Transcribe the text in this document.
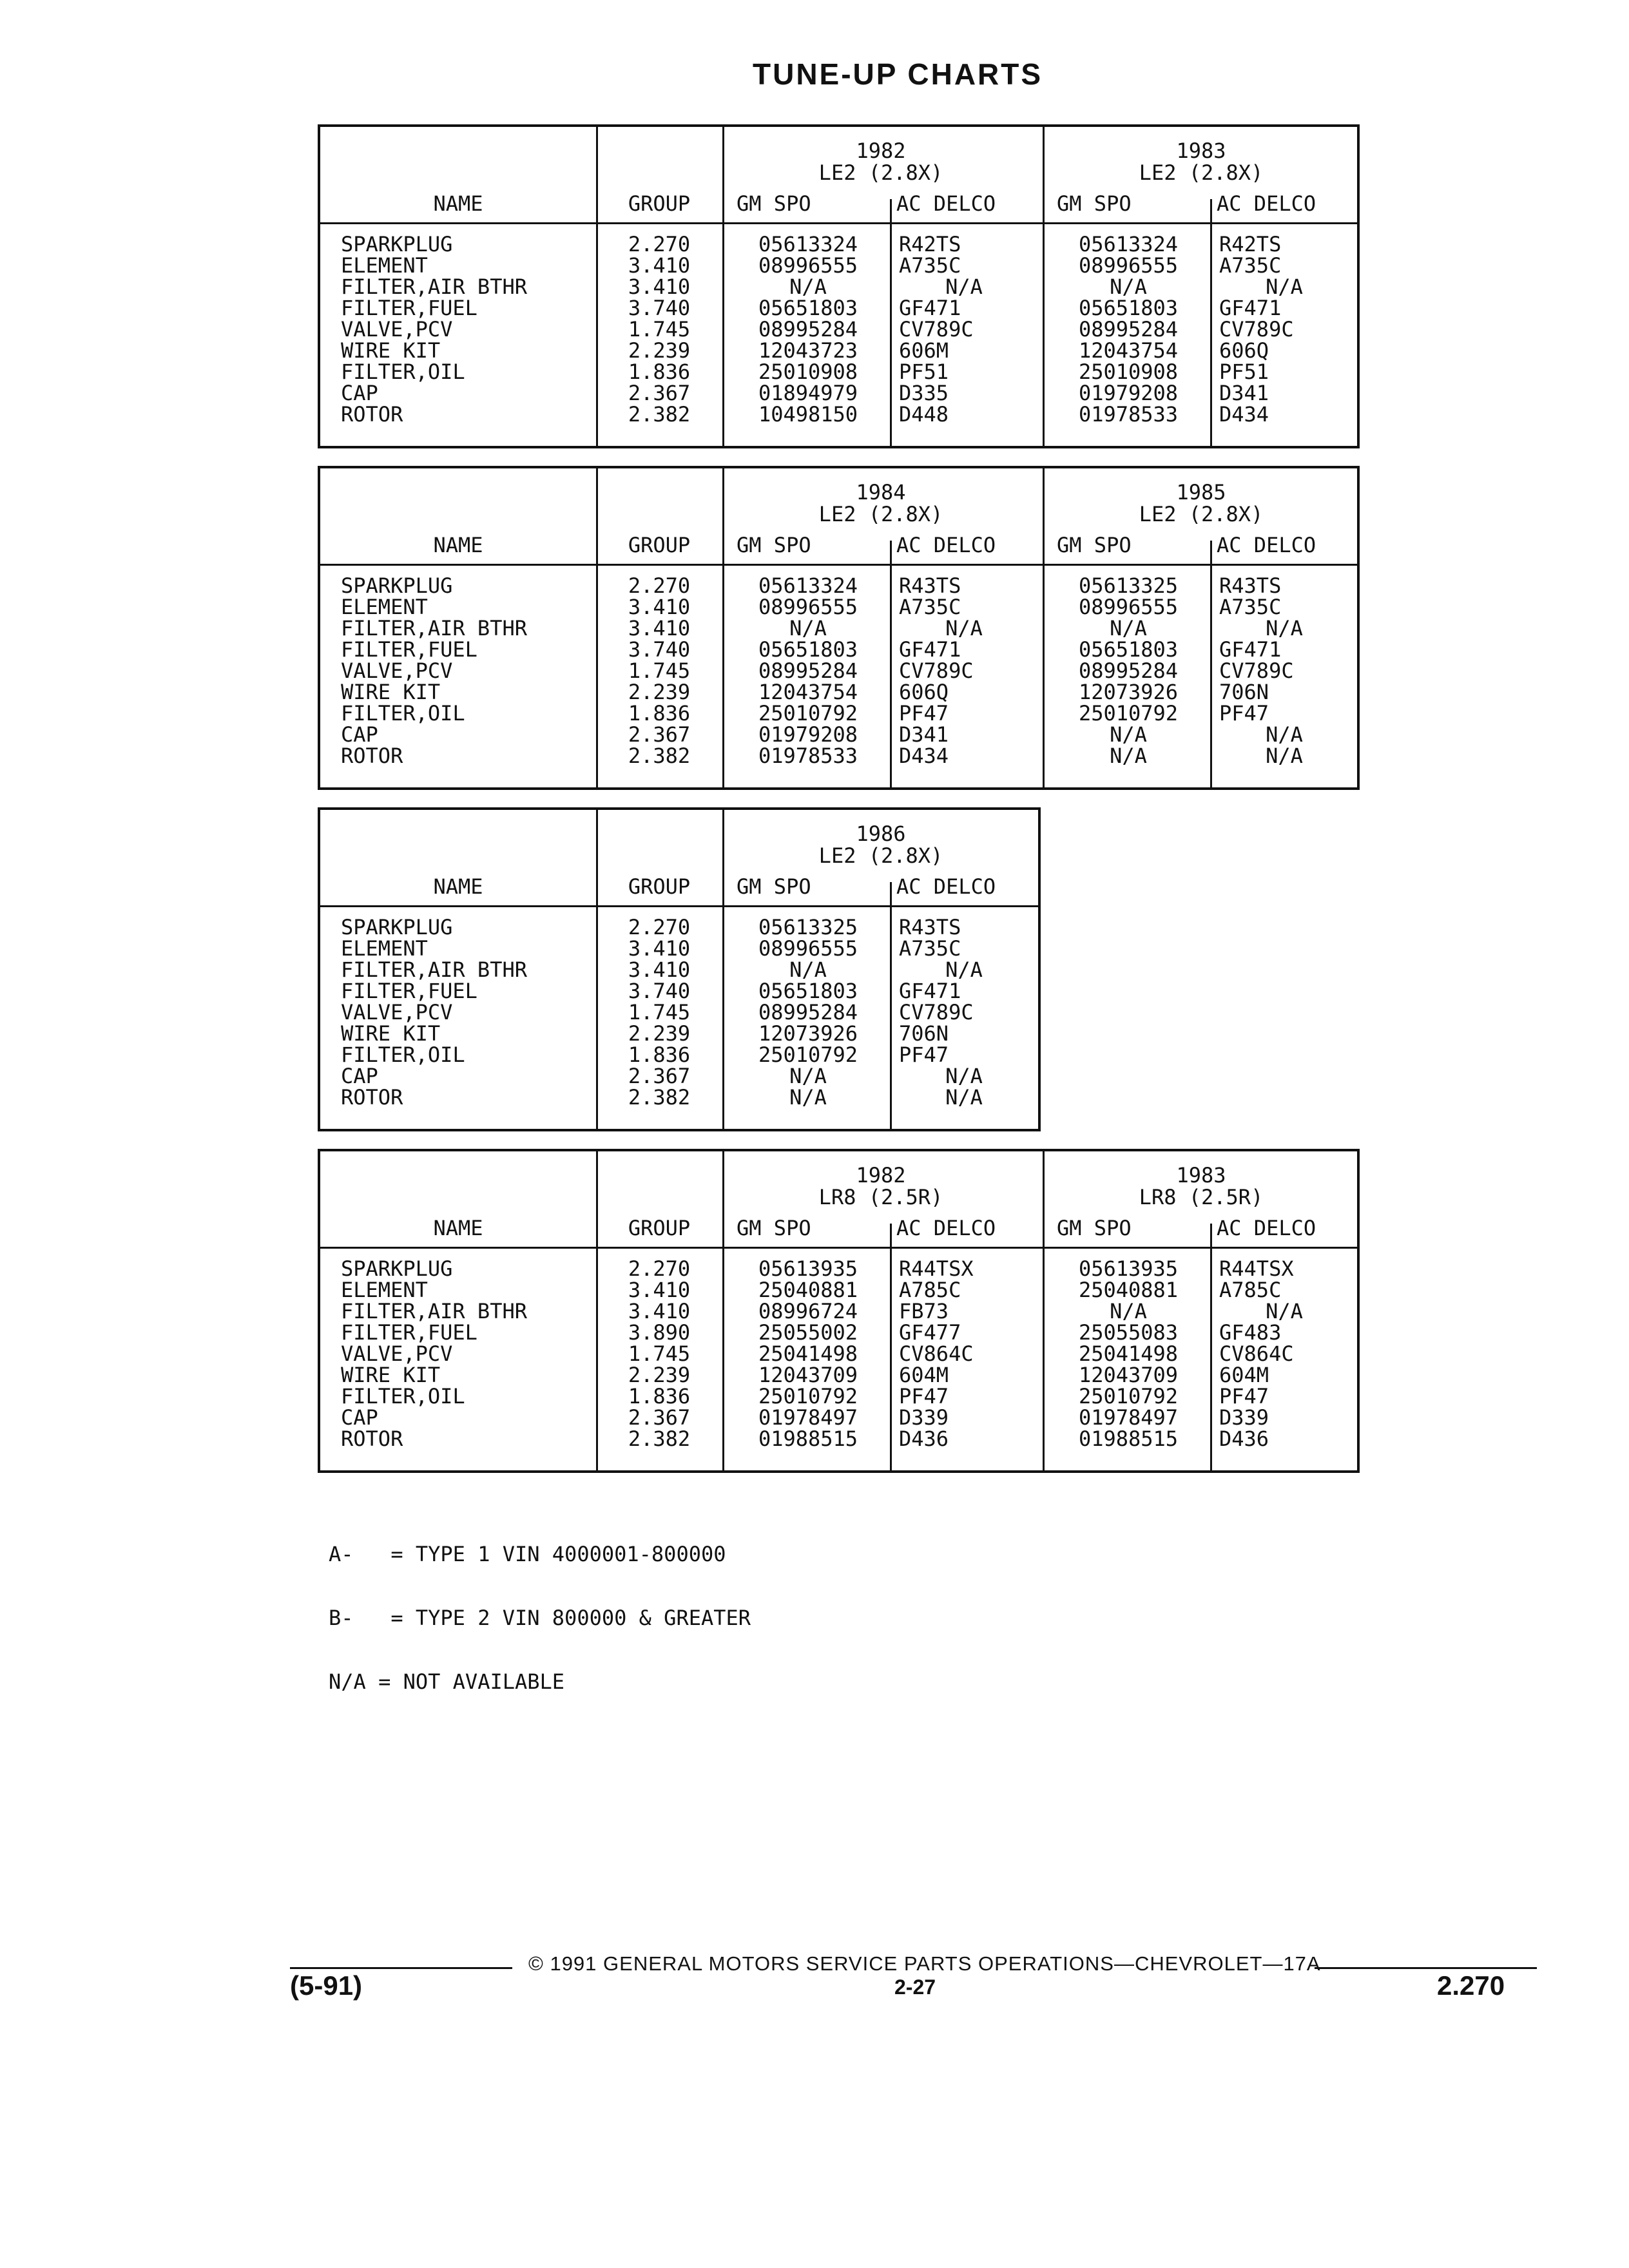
TUNE-UP CHARTS
NAME	GROUP
1982
LE2 (2.8X)
GM SPO	AC DELCO
1983
LE2 (2.8X)
GM SPO	AC DELCO
SPARKPLUG	2.270	05613324	R42TS	05613324	R42TS
ELEMENT	3.410	08996555	A735C	08996555	A735C
FILTER,AIR BTHR	3.410	N/A	N/A	N/A	N/A
FILTER,FUEL	3.740	05651803	GF471	05651803	GF471
VALVE,PCV	1.745	08995284	CV789C	08995284	CV789C
WIRE KIT	2.239	12043723	606M	12043754	606Q
FILTER,OIL	1.836	25010908	PF51	25010908	PF51
CAP	2.367	01894979	D335	01979208	D341
ROTOR	2.382	10498150	D448	01978533	D434
NAME	GROUP
1984
LE2 (2.8X)
GM SPO	AC DELCO
1985
LE2 (2.8X)
GM SPO	AC DELCO
SPARKPLUG	2.270	05613324	R43TS	05613325	R43TS
ELEMENT	3.410	08996555	A735C	08996555	A735C
FILTER,AIR BTHR	3.410	N/A	N/A	N/A	N/A
FILTER,FUEL	3.740	05651803	GF471	05651803	GF471
VALVE,PCV	1.745	08995284	CV789C	08995284	CV789C
WIRE KIT	2.239	12043754	606Q	12073926	706N
FILTER,OIL	1.836	25010792	PF47	25010792	PF47
CAP	2.367	01979208	D341	N/A	N/A
ROTOR	2.382	01978533	D434	N/A	N/A
NAME	GROUP
1986
LE2 (2.8X)
GM SPO	AC DELCO
SPARKPLUG	2.270	05613325	R43TS
ELEMENT	3.410	08996555	A735C
FILTER,AIR BTHR	3.410	N/A	N/A
FILTER,FUEL	3.740	05651803	GF471
VALVE,PCV	1.745	08995284	CV789C
WIRE KIT	2.239	12073926	706N
FILTER,OIL	1.836	25010792	PF47
CAP	2.367	N/A	N/A
ROTOR	2.382	N/A	N/A
NAME	GROUP
1982
LR8 (2.5R)
GM SPO	AC DELCO
1983
LR8 (2.5R)
GM SPO	AC DELCO
SPARKPLUG	2.270	05613935	R44TSX	05613935	R44TSX
ELEMENT	3.410	25040881	A785C	25040881	A785C
FILTER,AIR BTHR	3.410	08996724	FB73	N/A	N/A
FILTER,FUEL	3.890	25055002	GF477	25055083	GF483
VALVE,PCV	1.745	25041498	CV864C	25041498	CV864C
WIRE KIT	2.239	12043709	604M	12043709	604M
FILTER,OIL	1.836	25010792	PF47	25010792	PF47
CAP	2.367	01978497	D339	01978497	D339
ROTOR	2.382	01988515	D436	01988515	D436

A-   = TYPE 1 VIN 4000001-800000

B-   = TYPE 2 VIN 800000 & GREATER

N/A = NOT AVAILABLE

© 1991 GENERAL MOTORS SERVICE PARTS OPERATIONS—CHEVROLET—17A
(5-91)	2-27	2.270
